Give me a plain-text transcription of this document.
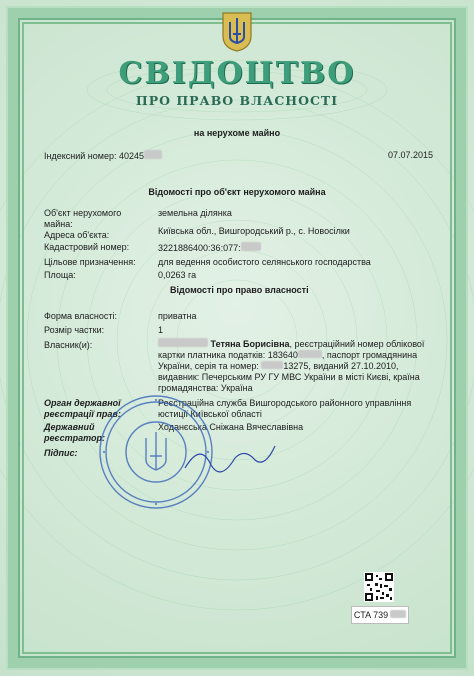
СВІДОЦТВО
ПРО ПРАВО ВЛАСНОСТІ
на нерухоме майно
Індексний номер: 40245	07.07.2015
Відомості про об'єкт нерухомого майна
Об'єкт нерухомого майна:
земельна ділянка
Адреса об'єкта:	Київська обл., Вишгородський р., с. Новосілки
Кадастровий номер:	3221886400:36:077:
Цільове призначення: для ведення особистого селянського господарства
Площа:	0,0263 га
Відомості про право власності
Форма власності:	приватна
Розмір частки:	1
Власник(и):	Тетяна Борисівна, реєстраційний номер облікової картки платника податків: 183640	, паспорт громадянина України, серія та номер:	13275, виданий 27.10.2010, видавник: Печерським РУ ГУ МВС України в місті Києві, країна громадянства: Україна
Орган державної реєстрації прав:
Реєстраційна служба Вишгородського районного управління юстиції Київської області
Державний реєстратор:
Ходанєська Сніжана Вячеславівна
Підпис:
CTA 739
